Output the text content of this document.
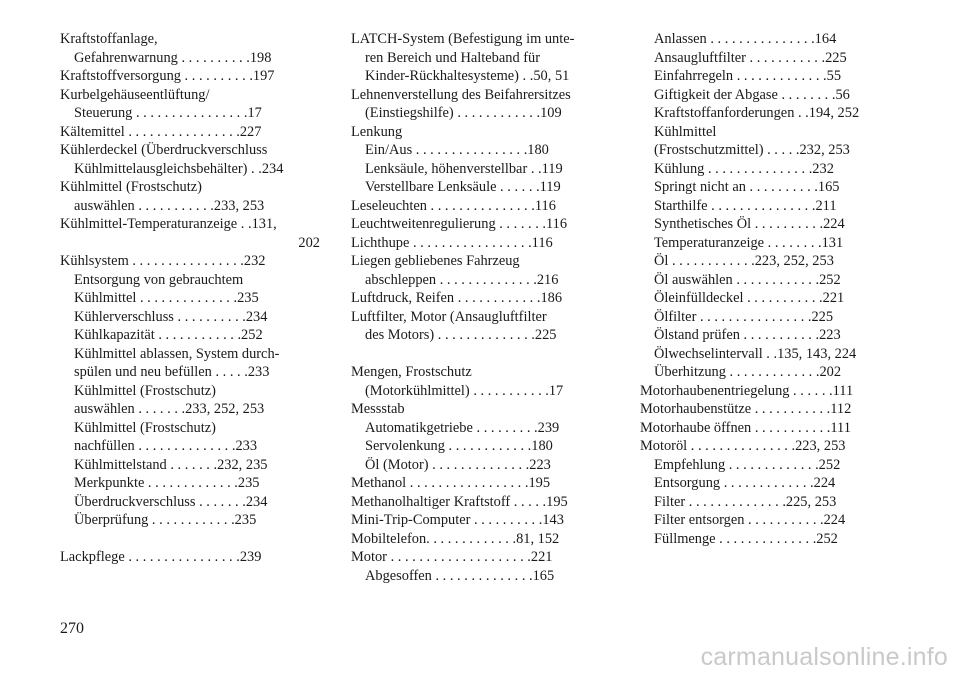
Kraftstoffanlage,
Gefahrenwarnung . . . . . . . . . .198
Kraftstoffversorgung . . . . . . . . . .197
Kurbelgehäuseentlüftung/
Steuerung . . . . . . . . . . . . . . . .17
Kältemittel . . . . . . . . . . . . . . . .227
Kühlerdeckel (Überdruckverschluss
Kühlmittelausgleichsbehälter) . .234
Kühlmittel (Frostschutz)
auswählen . . . . . . . . . . .233, 253
Kühlmittel-Temperaturanzeige . .131,
202
Kühlsystem . . . . . . . . . . . . . . . .232
Entsorgung von gebrauchtem
Kühlmittel . . . . . . . . . . . . . .235
Kühlerverschluss . . . . . . . . . .234
Kühlkapazität . . . . . . . . . . . .252
Kühlmittel ablassen, System durch-
spülen und neu befüllen . . . . .233
Kühlmittel (Frostschutz)
auswählen . . . . . . .233, 252, 253
Kühlmittel (Frostschutz)
nachfüllen . . . . . . . . . . . . . .233
Kühlmittelstand . . . . . . .232, 235
Merkpunkte . . . . . . . . . . . . .235
Überdruckverschluss . . . . . . .234
Überprüfung . . . . . . . . . . . .235
Lackpflege . . . . . . . . . . . . . . . .239
LATCH-System (Befestigung im unte-
ren Bereich und Halteband für
Kinder-Rückhaltesysteme) . .50, 51
Lehnenverstellung des Beifahrersitzes
(Einstiegshilfe) . . . . . . . . . . . .109
Lenkung
Ein/Aus . . . . . . . . . . . . . . . .180
Lenksäule, höhenverstellbar . .119
Verstellbare Lenksäule . . . . . .119
Leseleuchten . . . . . . . . . . . . . . .116
Leuchtweitenregulierung . . . . . . .116
Lichthupe . . . . . . . . . . . . . . . . .116
Liegen gebliebenes Fahrzeug
abschleppen . . . . . . . . . . . . . .216
Luftdruck, Reifen . . . . . . . . . . . .186
Luftfilter, Motor (Ansaugluftfilter
des Motors) . . . . . . . . . . . . . .225
Mengen, Frostschutz
(Motorkühlmittel) . . . . . . . . . . .17
Messstab
Automatikgetriebe . . . . . . . . .239
Servolenkung . . . . . . . . . . . .180
Öl (Motor) . . . . . . . . . . . . . .223
Methanol . . . . . . . . . . . . . . . . .195
Methanolhaltiger Kraftstoff . . . . .195
Mini-Trip-Computer . . . . . . . . . .143
Mobiltelefon. . . . . . . . . . . . .81, 152
Motor . . . . . . . . . . . . . . . . . . . .221
Abgesoffen . . . . . . . . . . . . . .165
Anlassen . . . . . . . . . . . . . . .164
Ansaugluftfilter . . . . . . . . . . .225
Einfahrregeln . . . . . . . . . . . . .55
Giftigkeit der Abgase . . . . . . . .56
Kraftstoffanforderungen . .194, 252
Kühlmittel
(Frostschutzmittel) . . . . .232, 253
Kühlung . . . . . . . . . . . . . . .232
Springt nicht an . . . . . . . . . .165
Starthilfe . . . . . . . . . . . . . . .211
Synthetisches Öl . . . . . . . . . .224
Temperaturanzeige . . . . . . . .131
Öl . . . . . . . . . . . .223, 252, 253
Öl auswählen . . . . . . . . . . . .252
Öleinfülldeckel . . . . . . . . . . .221
Ölfilter . . . . . . . . . . . . . . . .225
Ölstand prüfen . . . . . . . . . . .223
Ölwechselintervall . .135, 143, 224
Überhitzung . . . . . . . . . . . . .202
Motorhaubenentriegelung . . . . . .111
Motorhaubenstütze . . . . . . . . . . .112
Motorhaube öffnen . . . . . . . . . . .111
Motoröl . . . . . . . . . . . . . . .223, 253
Empfehlung . . . . . . . . . . . . .252
Entsorgung . . . . . . . . . . . . .224
Filter . . . . . . . . . . . . . .225, 253
Filter entsorgen . . . . . . . . . . .224
Füllmenge . . . . . . . . . . . . . .252
270
carmanualsonline.info
